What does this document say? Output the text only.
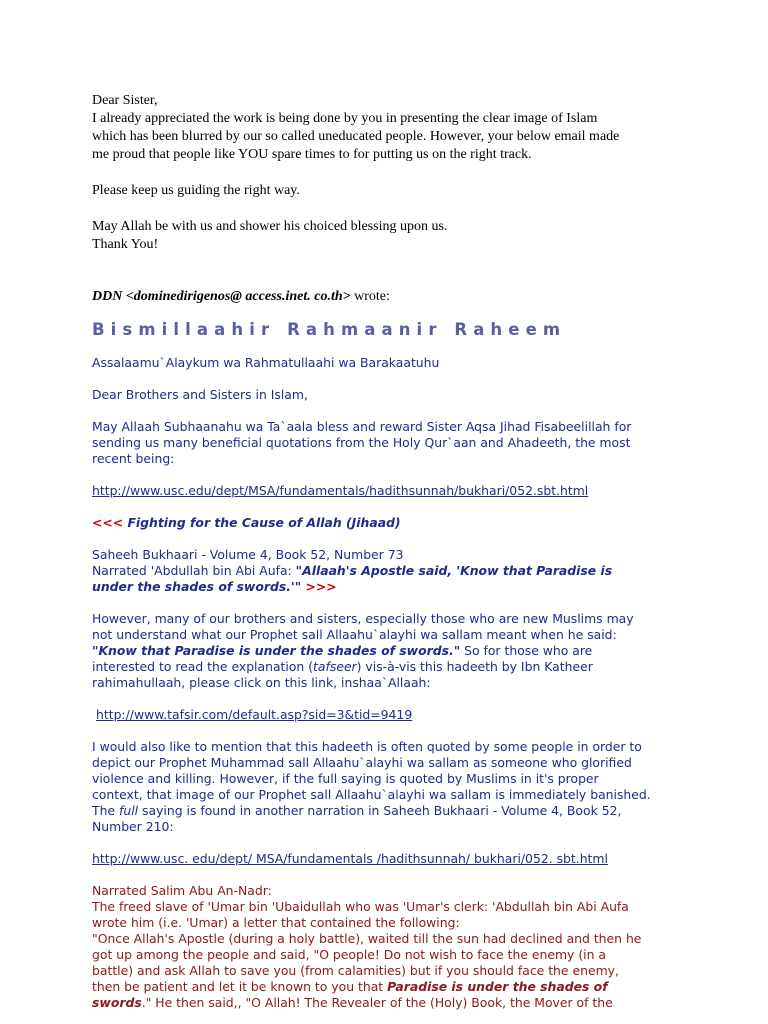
Dear Sister,

I already appreciated the work is being done by you in presenting the clear image of Islam
which has been blurred by our so called uneducated people. However, your below email made
me proud that people like YOU spare times to for putting us on the right track.

Please keep us guiding the right way.

May Allah be with us and shower his choiced blessing upon us.

Thank You!

DDN <dominedirigenos@ access.inet. co.th> wrote:
Bismillaahir Rahmaanir Raheem

Assalaamu`Alaykum wa Rahmatullaahi wa Barakaatuhu

Dear Brothers and Sisters in Islam,

May Allaah Subhaanahu wa Ta`aala bless and reward Sister Aqsa Jihad Fisabeelillah for
sending us many beneficial quotations from the Holy Qur`aan and Ahadeeth, the most
recent being:
http://www.usc.edu/dept/MSA/fundamentals/hadithsunnah/bukhari/052.sbt.html
<<< Fighting for the Cause of Allah (Jihaad)
Saheeh Bukhaari - Volume 4, Book 52, Number 73
Narrated 'Abdullah bin Abi Aufa: "Allaah's Apostle said, 'Know that Paradise is
under the shades of swords.'" >>>
However, many of our brothers and sisters, especially those who are new Muslims may
not understand what our Prophet sall Allaahu`alayhi wa sallam meant when he said:
"Know that Paradise is under the shades of swords." So for those who are
interested to read the explanation (tafseer) vis-à-vis this hadeeth by Ibn Katheer
rahimahullaah, please click on this link, inshaa`Allaah:
http://www.tafsir.com/default.asp?sid=3&tid=9419
I would also like to mention that this hadeeth is often quoted by some people in order to
depict our Prophet Muhammad sall Allaahu`alayhi wa sallam as someone who glorified
violence and killing. However, if the full saying is quoted by Muslims in it's proper
context, that image of our Prophet sall Allaahu`alayhi wa sallam is immediately banished.
The full saying is found in another narration in Saheeh Bukhaari - Volume 4, Book 52,
Number 210:
http://www.usc. edu/dept/ MSA/fundamentals /hadithsunnah/ bukhari/052. sbt.html
Narrated Salim Abu An-Nadr:
The freed slave of 'Umar bin 'Ubaidullah who was 'Umar's clerk: 'Abdullah bin Abi Aufa
wrote him (i.e. 'Umar) a letter that contained the following:
"Once Allah's Apostle (during a holy battle), waited till the sun had declined and then he
got up among the people and said, "O people! Do not wish to face the enemy (in a
battle) and ask Allah to save you (from calamities) but if you should face the enemy,
then be patient and let it be known to you that Paradise is under the shades of
swords." He then said,, "O Allah! The Revealer of the (Holy) Book, the Mover of the
